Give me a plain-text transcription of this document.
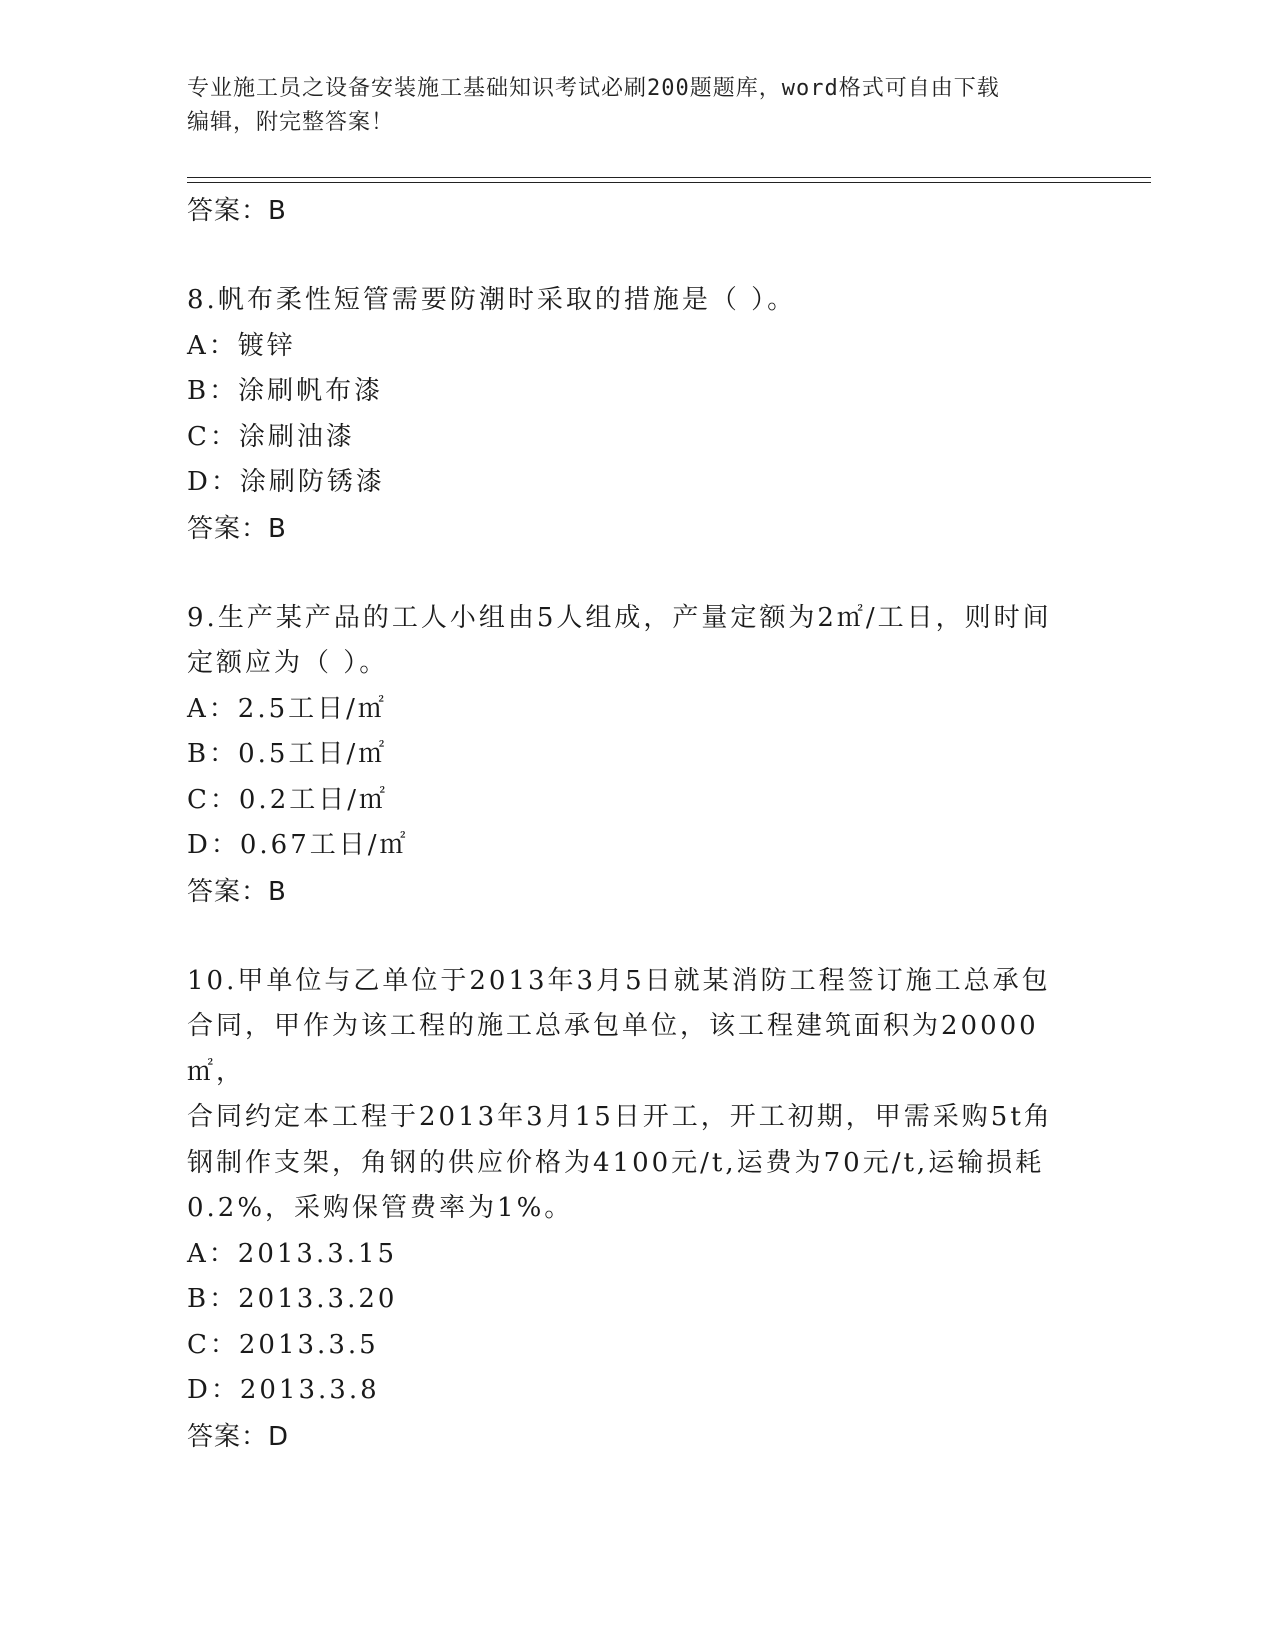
专业施工员之设备安装施工基础知识考试必刷200题题库，word格式可自由下载
编辑，附完整答案！

答案：B

8.帆布柔性短管需要防潮时采取的措施是（ ）。

A：镀锌

B：涂刷帆布漆

C：涂刷油漆

D：涂刷防锈漆

答案：B

9.生产某产品的工人小组由5人组成，产量定额为2㎡/工日，则时间

定额应为（ ）。

A：2.5工日/㎡

B：0.5工日/㎡

C：0.2工日/㎡

D：0.67工日/㎡

答案：B

10.甲单位与乙单位于2013年3月5日就某消防工程签订施工总承包

合同，甲作为该工程的施工总承包单位，该工程建筑面积为20000㎡，

合同约定本工程于2013年3月15日开工，开工初期，甲需采购5t角

钢制作支架，角钢的供应价格为4100元/t,运费为70元/t,运输损耗

0.2%，采购保管费率为1%。

A：2013.3.15

B：2013.3.20

C：2013.3.5

D：2013.3.8

答案：D
